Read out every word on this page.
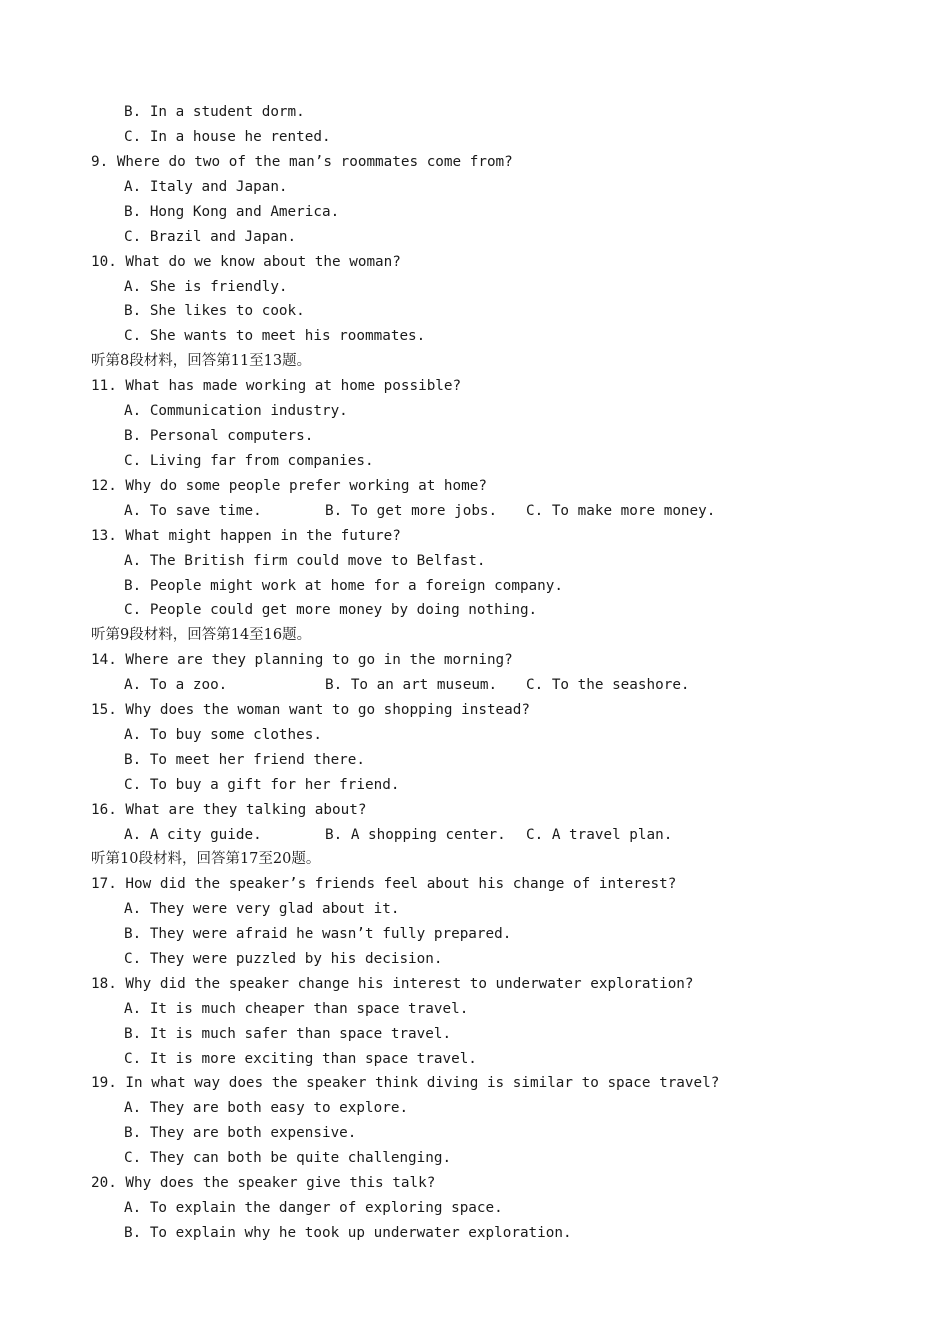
B. In a student dorm.
C. In a house he rented.
9. Where do two of the man’s roommates come from?
A. Italy and Japan.
B. Hong Kong and America.
C. Brazil and Japan.
10. What do we know about the woman?
A. She is friendly.
B. She likes to cook.
C. She wants to meet his roommates.
听第8段材料，回答第11至13题。
11. What has made working at home possible?
A. Communication industry.
B. Personal computers.
C. Living far from companies.
12. Why do some people prefer working at home?
A. To save time.	B. To get more jobs. C. To make more money.
13. What might happen in the future?
A. The British firm could move to Belfast.
B. People might work at home for a foreign company.
C. People could get more money by doing nothing.
听第9段材料，回答第14至16题。
14. Where are they planning to go in the morning?
A. To a zoo.	B. To an art museum. C. To the seashore.
15. Why does the woman want to go shopping instead?
A. To buy some clothes.
B. To meet her friend there.
C. To buy a gift for her friend.
16. What are they talking about?
A. A city guide.	B. A shopping center. C. A travel plan.
听第10段材料，回答第17至20题。
17. How did the speaker’s friends feel about his change of interest?
A. They were very glad about it.
B. They were afraid he wasn’t fully prepared.
C. They were puzzled by his decision.
18. Why did the speaker change his interest to underwater exploration?
A. It is much cheaper than space travel.
B. It is much safer than space travel.
C. It is more exciting than space travel.
19. In what way does the speaker think diving is similar to space travel?
A. They are both easy to explore.
B. They are both expensive.
C. They can both be quite challenging.
20. Why does the speaker give this talk?
A. To explain the danger of exploring space.
B. To explain why he took up underwater exploration.
